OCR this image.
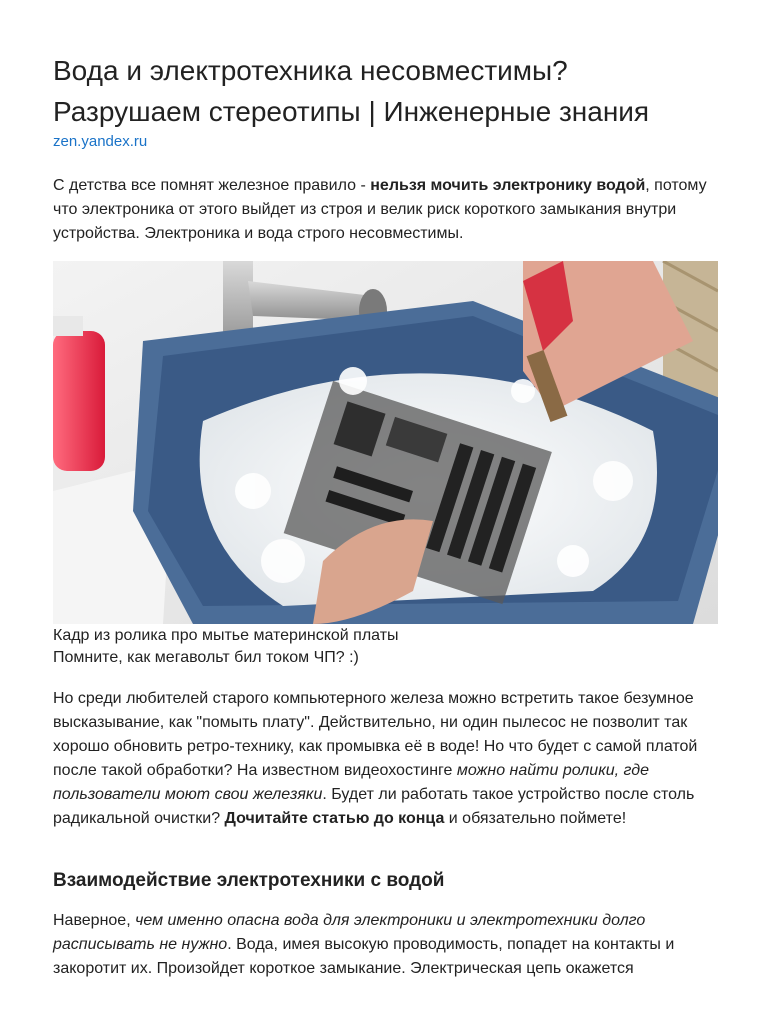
Вода и электротехника несовместимы?
Разрушаем стереотипы | Инженерные знания
zen.yandex.ru

С детства все помнят железное правило - нельзя мочить электронику водой, потому что электроника от этого выйдет из строя и велик риск короткого замыкания внутри устройства. Электроника и вода строго несовместимы.

Кадр из ролика про мытье материнской платы
Помните, как мегавольт бил током ЧП? :)

Но среди любителей старого компьютерного железа можно встретить такое безумное высказывание, как "помыть плату". Действительно, ни один пылесос не позволит так хорошо обновить ретро-технику, как промывка её в воде! Но что будет с самой платой после такой обработки? На известном видеохостинге можно найти ролики, где пользователи моют свои железяки. Будет ли работать такое устройство после столь радикальной очистки? Дочитайте статью до конца и обязательно поймете!

Взаимодействие электротехники с водой

Наверное, чем именно опасна вода для электроники и электротехники долго расписывать не нужно. Вода, имея высокую проводимость, попадет на контакты и закоротит их. Произойдет короткое замыкание. Электрическая цепь окажется
